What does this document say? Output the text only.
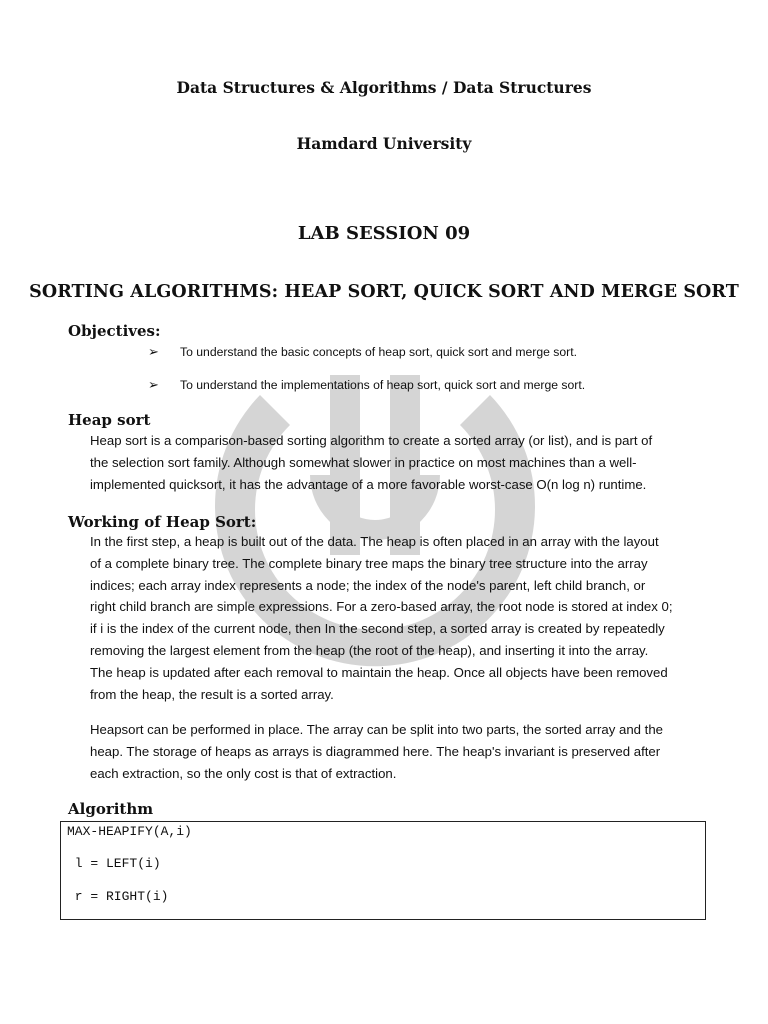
Data Structures & Algorithms / Data Structures
Hamdard University
LAB SESSION 09
SORTING ALGORITHMS: HEAP SORT, QUICK SORT AND MERGE SORT
Objectives:
➢	To understand the basic concepts of heap sort, quick sort and merge sort.
➢	To understand the implementations of heap sort, quick sort and merge sort.
Heap sort

Heap sort is a comparison-based sorting algorithm to create a sorted array (or list), and is part of
the selection sort family. Although somewhat slower in practice on most machines than a well-
implemented quicksort, it has the advantage of a more favorable worst-case O(n log n) runtime.

Working of Heap Sort:

In the first step, a heap is built out of the data. The heap is often placed in an array with the layout
of a complete binary tree. The complete binary tree maps the binary tree structure into the array
indices; each array index represents a node; the index of the node's parent, left child branch, or
right child branch are simple expressions. For a zero-based array, the root node is stored at index 0;
if i is the index of the current node, then In the second step, a sorted array is created by repeatedly
removing the largest element from the heap (the root of the heap), and inserting it into the array.
The heap is updated after each removal to maintain the heap. Once all objects have been removed
from the heap, the result is a sorted array.

Heapsort can be performed in place. The array can be split into two parts, the sorted array and the
heap. The storage of heaps as arrays is diagrammed here. The heap's invariant is preserved after
each extraction, so the only cost is that of extraction.

Algorithm
MAX-HEAPIFY(A,i)
l = LEFT(i)
r = RIGHT(i)
